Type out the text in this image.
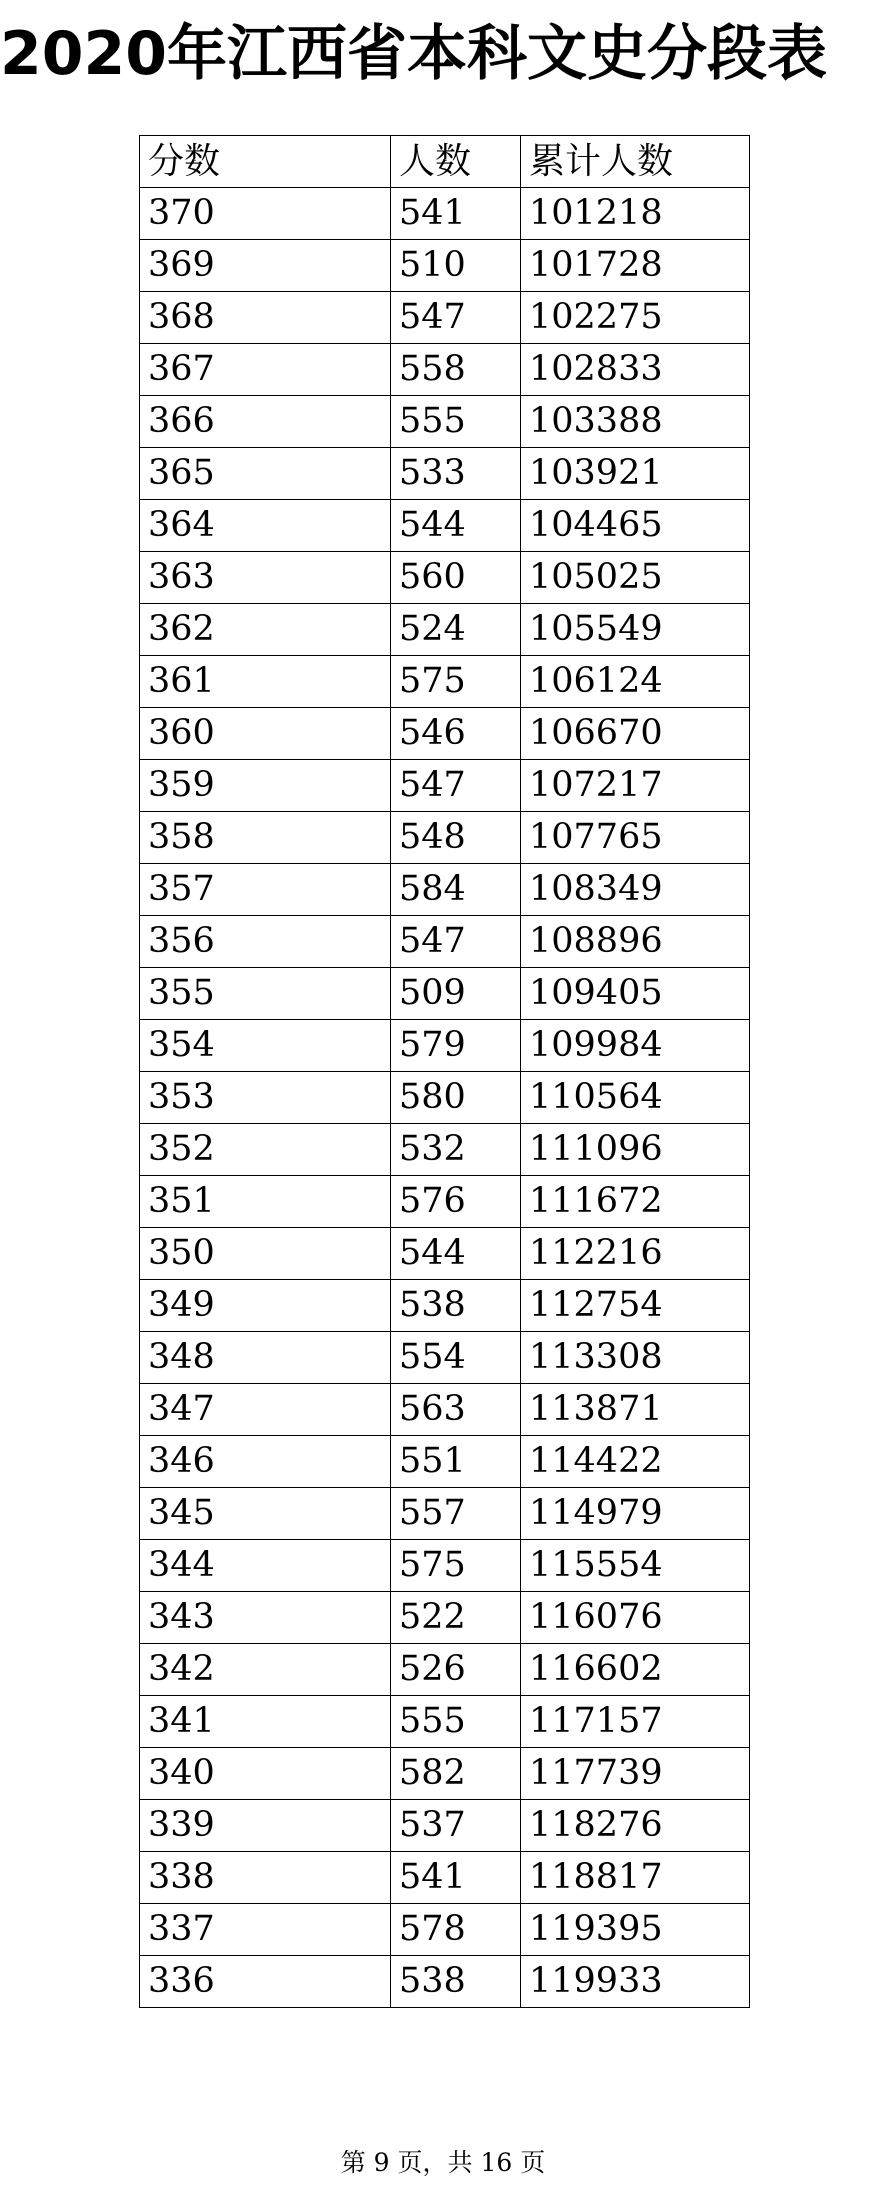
2020年江西省本科文史分段表
分数	人数	累计人数
370	541	101218
369	510	101728
368	547	102275
367	558	102833
366	555	103388
365	533	103921
364	544	104465
363	560	105025
362	524	105549
361	575	106124
360	546	106670
359	547	107217
358	548	107765
357	584	108349
356	547	108896
355	509	109405
354	579	109984
353	580	110564
352	532	111096
351	576	111672
350	544	112216
349	538	112754
348	554	113308
347	563	113871
346	551	114422
345	557	114979
344	575	115554
343	522	116076
342	526	116602
341	555	117157
340	582	117739
339	537	118276
338	541	118817
337	578	119395
336	538	119933
第 9 页，共 16 页
